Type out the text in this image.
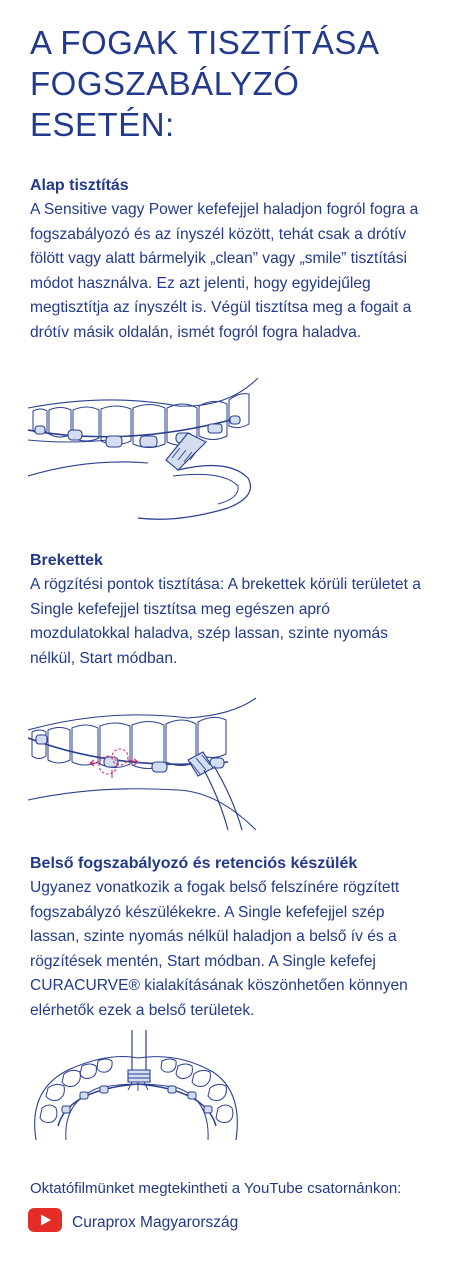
A FOGAK TISZTÍTÁSA
FOGSZABÁLYZÓ
ESETÉN:
Alap tisztítás

A Sensitive vagy Power kefefejjel haladjon fogról fogra a fogszabályozó és az ínyszél között, tehát csak a drótív fölött vagy alatt bármelyik „clean” vagy „smile” tisztítási módot használva. Ez azt jelenti, hogy egyidejűleg megtisztítja az ínyszélt is. Végül tisztítsa meg a fogait a drótív másik oldalán, ismét fogról fogra haladva.

Brekettek

A rögzítési pontok tisztítása: A brekettek körüli területet a Single kefefejjel tisztítsa meg egészen apró mozdulatokkal haladva, szép lassan, szinte nyomás nélkül, Start módban.

Belső fogszabályozó és retenciós készülék

Ugyanez vonatkozik a fogak belső felszínére rögzített fogszabályzó készülékekre. A Single kefefejjel szép lassan, szinte nyomás nélkül haladjon a belső ív és a rögzítések mentén, Start módban. A Single kefefej CURACURVE® kialakításának köszönhetően könnyen elérhetők ezek a belső területek.

Oktatófilmünket megtekintheti a YouTube csatornánkon:
Curaprox Magyarország
